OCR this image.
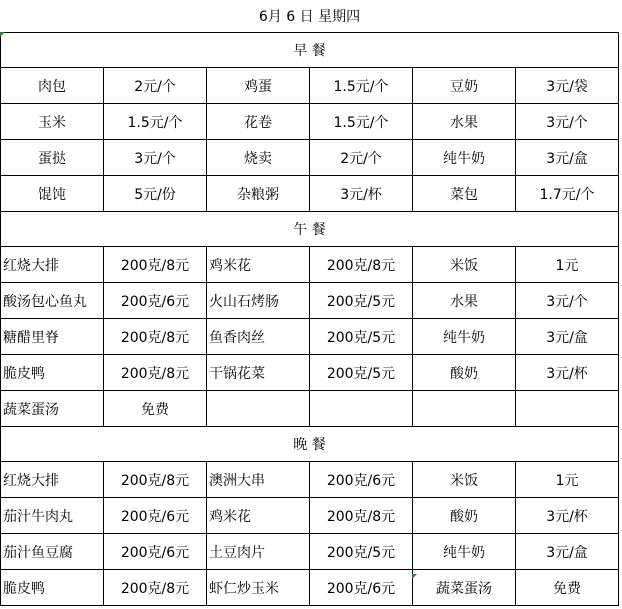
6月 6 日 星期四					
早 餐					
肉包	2元/个	鸡蛋	1.5元/个	豆奶	3元/袋
玉米	1.5元/个	花卷	1.5元/个	水果	3元/个
蛋挞	3元/个	烧卖	2元/个	纯牛奶	3元/盒
馄饨	5元/份	杂粮粥	3元/杯	菜包	1.7元/个
午 餐					
红烧大排	200克/8元	鸡米花	200克/8元	米饭	1元
酸汤包心鱼丸	200克/6元	火山石烤肠	200克/5元	水果	3元/个
糖醋里脊	200克/8元	鱼香肉丝	200克/5元	纯牛奶	3元/盒
脆皮鸭	200克/8元	干锅花菜	200克/5元	酸奶	3元/杯
蔬菜蛋汤	免费				
晚 餐					
红烧大排	200克/8元	澳洲大串	200克/6元	米饭	1元
茄汁牛肉丸	200克/6元	鸡米花	200克/8元	酸奶	3元/杯
茄汁鱼豆腐	200克/6元	土豆肉片	200克/5元	纯牛奶	3元/盒
脆皮鸭	200克/8元	虾仁炒玉米	200克/6元	蔬菜蛋汤	免费
